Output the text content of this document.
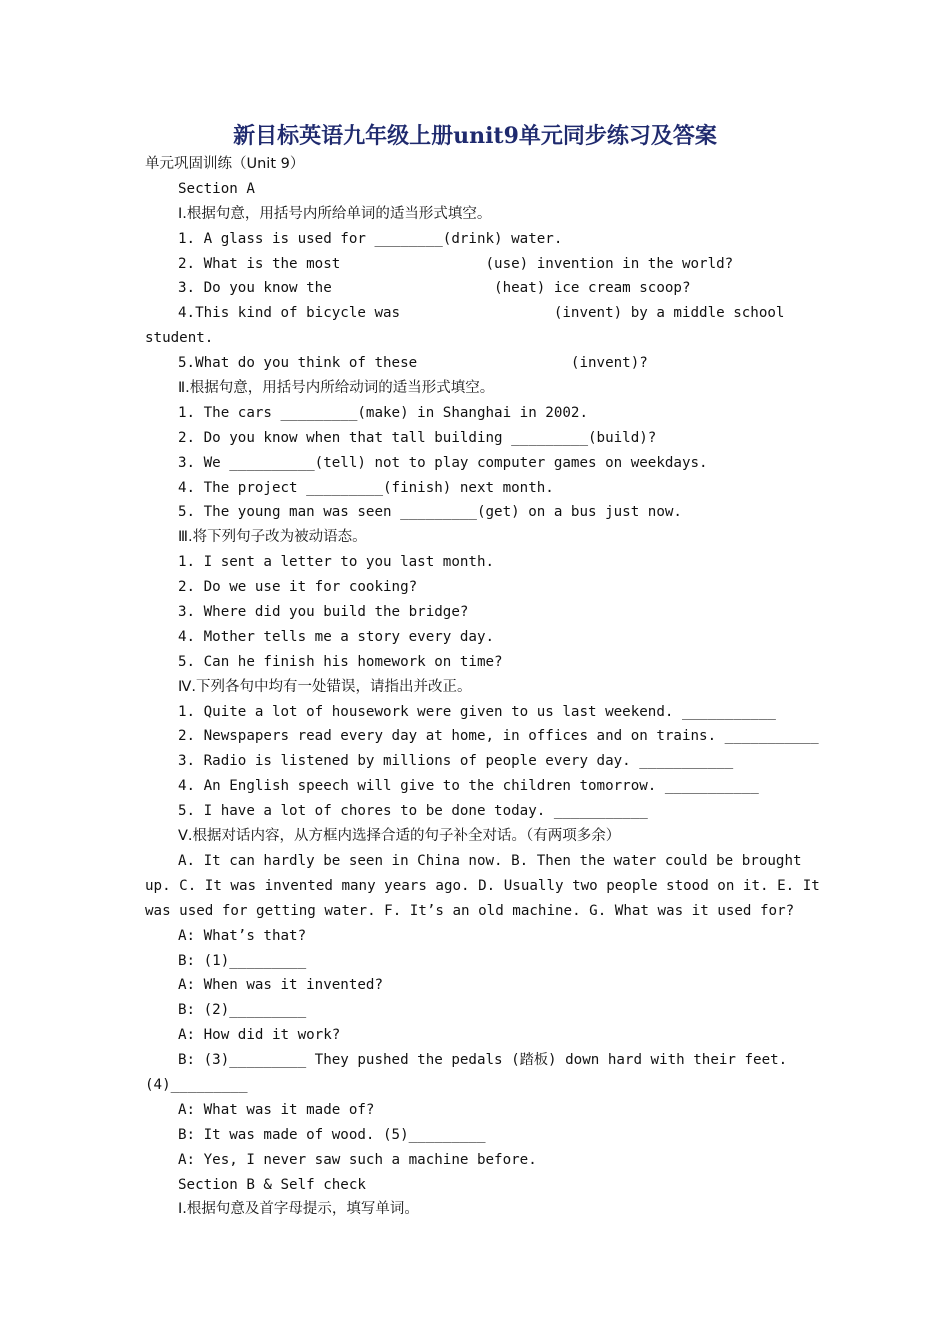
新目标英语九年级上册unit9单元同步练习及答案
单元巩固训练（Unit 9）
Section A
Ⅰ.根据句意，用括号内所给单词的适当形式填空。
1. A glass is used for ________(drink) water.
2. What is the most                 (use) invention in the world?
3. Do you know the                   (heat) ice cream scoop?
4.This kind of bicycle was                  (invent) by a middle school
student.
5.What do you think of these                  (invent)?
Ⅱ.根据句意，用括号内所给动词的适当形式填空。
1. The cars _________(make) in Shanghai in 2002.
2. Do you know when that tall building _________(build)?
3. We __________(tell) not to play computer games on weekdays.
4. The project _________(finish) next month.
5. The young man was seen _________(get) on a bus just now.
Ⅲ.将下列句子改为被动语态。
1. I sent a letter to you last month.
2. Do we use it for cooking?
3. Where did you build the bridge?
4. Mother tells me a story every day.
5. Can he finish his homework on time?
Ⅳ.下列各句中均有一处错误，请指出并改正。
1. Quite a lot of housework were given to us last weekend. ___________
2. Newspapers read every day at home, in offices and on trains. ___________
3. Radio is listened by millions of people every day. ___________
4. An English speech will give to the children tomorrow. ___________
5. I have a lot of chores to be done today. ___________
Ⅴ.根据对话内容，从方框内选择合适的句子补全对话。（有两项多余）
A. It can hardly be seen in China now. B. Then the water could be brought
up. C. It was invented many years ago. D. Usually two people stood on it. E. It
was used for getting water. F. It’s an old machine. G. What was it used for?
A: What’s that?
B: (1)_________
A: When was it invented?
B: (2)_________
A: How did it work?
B: (3)_________ They pushed the pedals (踏板) down hard with their feet.
(4)_________
A: What was it made of?
B: It was made of wood. (5)_________
A: Yes, I never saw such a machine before.
Section B & Self check
Ⅰ.根据句意及首字母提示，填写单词。
